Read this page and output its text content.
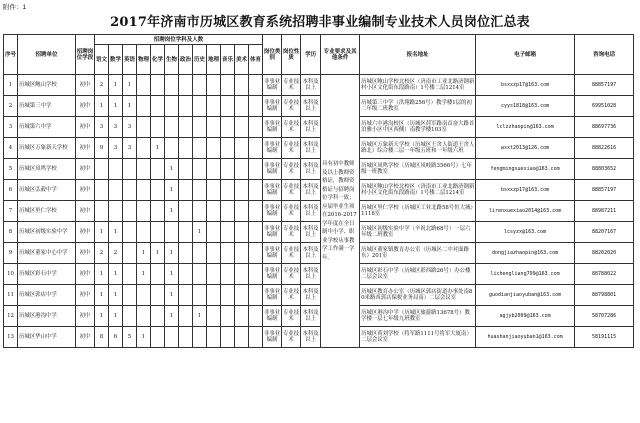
附件：1
2017年济南市历城区教育系统招聘非事业编制专业技术人员岗位汇总表
序号	招聘单位	招聘岗位学段	招聘岗位学科及人数												岗位类别	岗位性质	学历	专业要求及其他条件	报名地址	电子邮箱	咨询电话
			语文	数学	英语	物理	化学	生物	政治	历史	地理	音乐	美术	体育							
1	历城区鲍山学校	初中	2	1	1										非事业编制	专业技术	本科及以上	具有初中教师及以上教师资格证，教师资格证与招聘岗位学科一致；应届毕业生须在2016-2017学年度在全日制中小学、职业学校从事教学工作满一学年。	历城区鲍山学校北校区（济南市工业北路济钢新村小区文化街东段路南）1号楼二层1214室	bsxxzp17@163.com	88857197
2	历城第三中学	初中	1	1	1										非事业编制	专业技术	本科及以上		历城第三中学（洪翔路256号）教学楼1层的初二年级二班教室	cyys1818@163.com	69951028
3	历城第六中学	初中	3	3	3										非事业编制	专业技术	本科及以上		历城六中港沟校区（历城区荷军路南首奋大路首泊雅小区中区西侧）南教学楼103室	lclzzhaopin@163.com	88697736
4	历城区万象新天学校	初中	9	3	3		1								非事业编制	专业技术	本科及以上		历城区万象新天学校（历城区王舍人街道王舍人路北）综合楼二层一年级五班和一年级六班	wsxt2013@126.com	88822616
5	历城区凤鸣学校	初中						1							非事业编制	专业技术	本科及以上		历城区凤鸣学校（历城区凤岐路3566号）七年级一班教室	fengmingxuexiao@163.com	88803652
6	历城区弘毅中学	初中						1							非事业编制	专业技术	本科及以上		历城区鲍山学校北校区（济南市工业北路济钢新村小区文化街东段路南）1号楼二层1214室	bsxxzp17@163.com	88857197
7	历城区里仁学校	初中						1							非事业编制	专业技术	本科及以上		历城区里仁学校（历城区工业北路58号恒大城）1118室	lirenxuexiao2014@163.com	88987211
8	历城区初级实验中学	初中	1	1						1					非事业编制	专业技术	本科及以上		历城区初级实验中学（辛祝北路68号）一层六年级二班教室	lcsyzx@163.com	88207167
9	历城区董家中心中学	初中	2	2		1	1	1							非事业编制	专业技术	本科及以上		历城区董家镇教育办公室（历城区二中对面路东）201室	dongjiazhaopin@163.com	88202020
10	历城区彩石中学	初中	1	1		1		1							非事业编制	专业技术	本科及以上		历城区彩石中学（历城区彩西路26号）办公楼二层会议室	lichengliang799@163.com	88788022
11	历城区郭店中学	初中	1	1				1							非事业编制	专业技术	本科及以上		历城区教育办公室（历城区郭店街道办事处南80米路西郭店保税业务局南）二层会议室	guodianjiaoyuban@163.com	88798801
12	历城区港沟中学	初中	1	1				1		1					非事业编制	专业技术	本科及以上		历城区港沟中学（历城区旅游路13678号）教学楼一层七年级九班教室	agjyb2009@163.com	58707286
13	历城区华山中学	初中	8	6	5	1									非事业编制	专业技术	本科及以上		历城区荷刘学校（将军路1111号将军大厦南）二层会议室	huashanjiaoyuban1@163.com	58191115
